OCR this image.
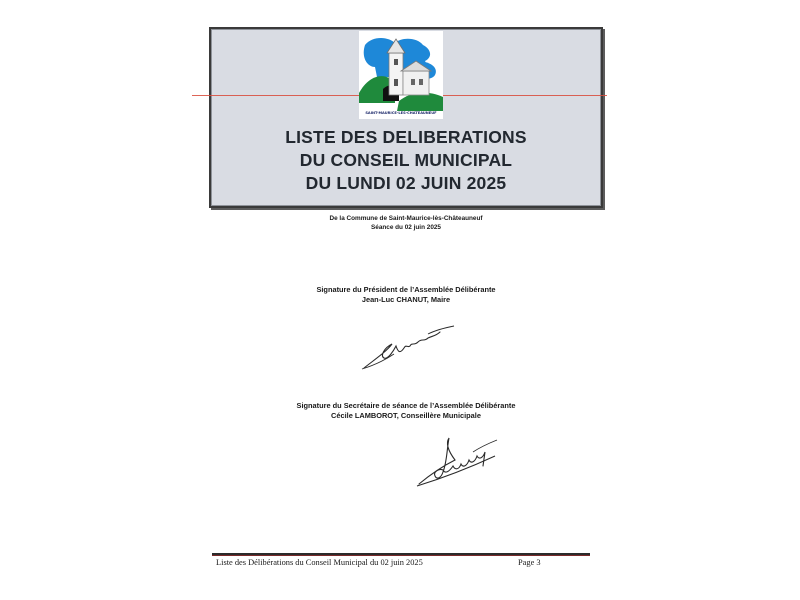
SAINT-MAURICE-LES-CHATEAUNEUF
LISTE DES DELIBERATIONS
DU CONSEIL MUNICIPAL
DU LUNDI 02 JUIN 2025
De la Commune de Saint-Maurice-lès-Châteauneuf
Séance du 02 juin 2025
Signature du Président de l’Assemblée Délibérante
Jean-Luc CHANUT, Maire
Signature du Secrétaire de séance de l’Assemblée Délibérante
Cécile LAMBOROT, Conseillère Municipale
Liste des Délibérations du Conseil Municipal du 02 juin 2025	Page 3
